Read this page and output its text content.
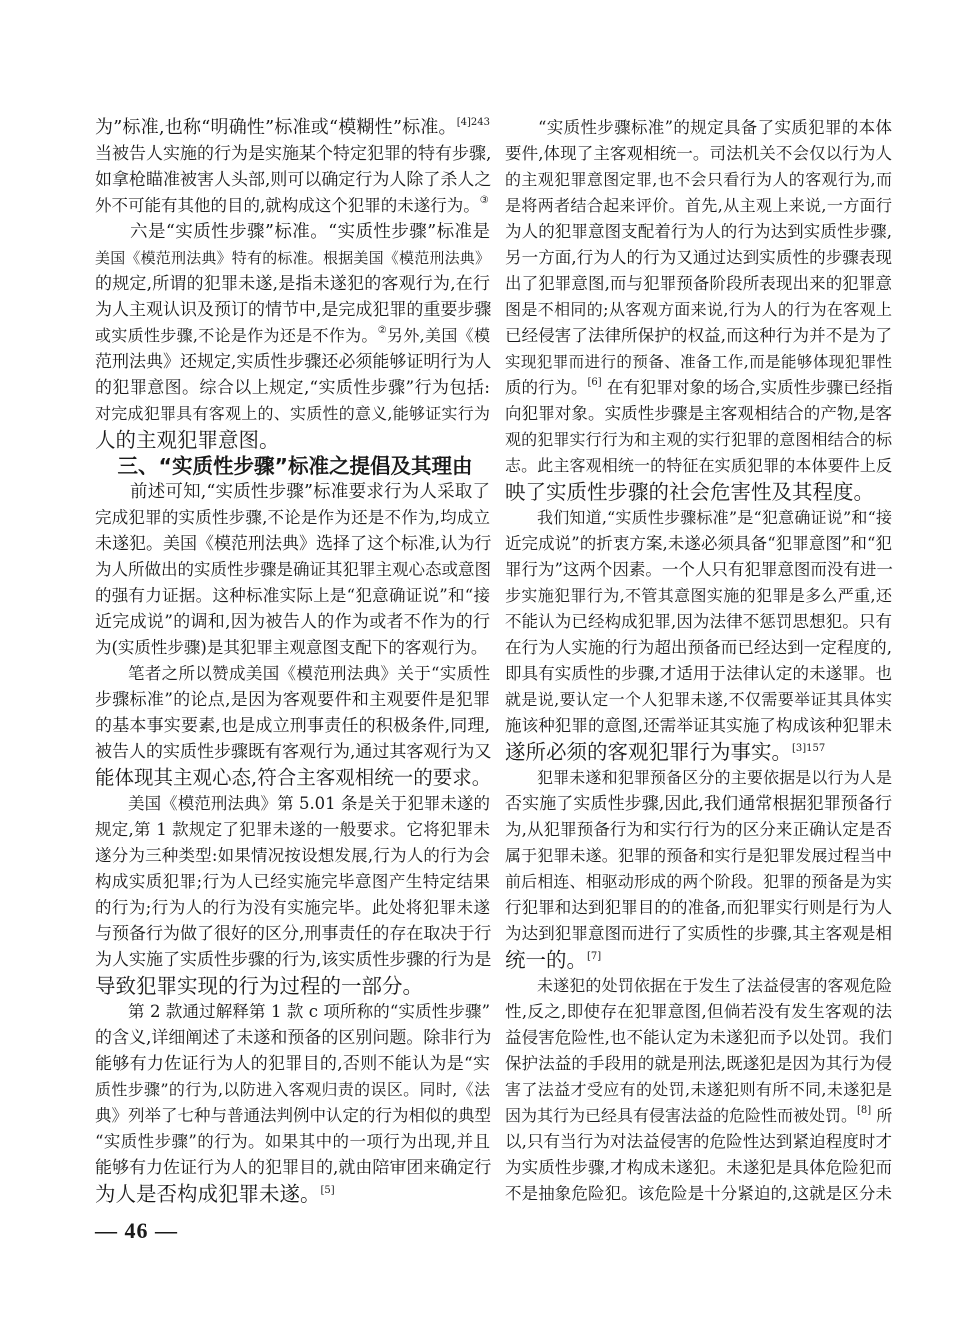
为”标准,也称“明确性”标准或“模糊性”标准。$^{[4]243}$
当被告人实施的行为是实施某个特定犯罪的特有步骤,
如拿枪瞄准被害人头部,则可以确定行为人除了杀人之
外不可能有其他的目的,就构成这个犯罪的未遂行为。③
六是“实质性步骤”标准。“实质性步骤”标准是
美国《模范刑法典》特有的标准。根据美国《模范刑法典》
的规定,所谓的犯罪未遂,是指未遂犯的客观行为,在行
为人主观认识及预订的情节中,是完成犯罪的重要步骤
或实质性步骤,不论是作为还是不作为。②另外,美国《模
范刑法典》还规定,实质性步骤还必须能够证明行为人
的犯罪意图。综合以上规定,“实质性步骤”行为包括:
对完成犯罪具有客观上的、实质性的意义,能够证实行为
人的主观犯罪意图。
三、“实质性步骤”标准之提倡及其理由
前述可知,“实质性步骤”标准要求行为人采取了
完成犯罪的实质性步骤,不论是作为还是不作为,均成立
未遂犯。美国《模范刑法典》选择了这个标准,认为行
为人所做出的实质性步骤是确证其犯罪主观心态或意图
的强有力证据。这种标准实际上是“犯意确证说”和“接
近完成说”的调和,因为被告人的作为或者不作为的行
为(实质性步骤)是其犯罪主观意图支配下的客观行为。
笔者之所以赞成美国《模范刑法典》关于“实质性
步骤标准”的论点,是因为客观要件和主观要件是犯罪
的基本事实要素,也是成立刑事责任的积极条件,同理,
被告人的实质性步骤既有客观行为,通过其客观行为又
能体现其主观心态,符合主客观相统一的要求。
美国《模范刑法典》第 5.01 条是关于犯罪未遂的
规定,第 1 款规定了犯罪未遂的一般要求。它将犯罪未
遂分为三种类型:如果情况按设想发展,行为人的行为会
构成实质犯罪;行为人已经实施完毕意图产生特定结果
的行为;行为人的行为没有实施完毕。此处将犯罪未遂
与预备行为做了很好的区分,刑事责任的存在取决于行
为人实施了实质性步骤的行为,该实质性步骤的行为是
导致犯罪实现的行为过程的一部分。
第 2 款通过解释第 1 款 c 项所称的“实质性步骤”
的含义,详细阐述了未遂和预备的区别问题。除非行为
能够有力佐证行为人的犯罪目的,否则不能认为是“实
质性步骤”的行为,以防进入客观归责的误区。同时,《法
典》列举了七种与普通法判例中认定的行为相似的典型
“实质性步骤”的行为。如果其中的一项行为出现,并且
能够有力佐证行为人的犯罪目的,就由陪审团来确定行
为人是否构成犯罪未遂。[5]
“实质性步骤标准”的规定具备了实质犯罪的本体
要件,体现了主客观相统一。司法机关不会仅以行为人
的主观犯罪意图定罪,也不会只看行为人的客观行为,而
是将两者结合起来评价。首先,从主观上来说,一方面行
为人的犯罪意图支配着行为人的行为达到实质性步骤,
另一方面,行为人的行为又通过达到实质性的步骤表现
出了犯罪意图,而与犯罪预备阶段所表现出来的犯罪意
图是不相同的;从客观方面来说,行为人的行为在客观上
已经侵害了法律所保护的权益,而这种行为并不是为了
实现犯罪而进行的预备、准备工作,而是能够体现犯罪性
质的行为。[6] 在有犯罪对象的场合,实质性步骤已经指
向犯罪对象。实质性步骤是主客观相结合的产物,是客
观的犯罪实行行为和主观的实行犯罪的意图相结合的标
志。此主客观相统一的特征在实质犯罪的本体要件上反
映了实质性步骤的社会危害性及其程度。
我们知道,“实质性步骤标准”是“犯意确证说”和“接
近完成说”的折衷方案,未遂必须具备“犯罪意图”和“犯
罪行为”这两个因素。一个人只有犯罪意图而没有进一
步实施犯罪行为,不管其意图实施的犯罪是多么严重,还
不能认为已经构成犯罪,因为法律不惩罚思想犯。只有
在行为人实施的行为超出预备而已经达到一定程度的,
即具有实质性的步骤,才适用于法律认定的未遂罪。也
就是说,要认定一个人犯罪未遂,不仅需要举证其具体实
施该种犯罪的意图,还需举证其实施了构成该种犯罪未
遂所必须的客观犯罪行为事实。$^{[3]157}$
犯罪未遂和犯罪预备区分的主要依据是以行为人是
否实施了实质性步骤,因此,我们通常根据犯罪预备行
为,从犯罪预备行为和实行行为的区分来正确认定是否
属于犯罪未遂。犯罪的预备和实行是犯罪发展过程当中
前后相连、相驱动形成的两个阶段。犯罪的预备是为实
行犯罪和达到犯罪目的的准备,而犯罪实行则是行为人
为达到犯罪意图而进行了实质性的步骤,其主客观是相
统一的。[7]
未遂犯的处罚依据在于发生了法益侵害的客观危险
性,反之,即使存在犯罪意图,但倘若没有发生客观的法
益侵害危险性,也不能认定为未遂犯而予以处罚。我们
保护法益的手段用的就是刑法,既遂犯是因为其行为侵
害了法益才受应有的处罚,未遂犯则有所不同,未遂犯是
因为其行为已经具有侵害法益的危险性而被处罚。[8] 所
以,只有当行为对法益侵害的危险性达到紧迫程度时才
为实质性步骤,才构成未遂犯。未遂犯是具体危险犯而
不是抽象危险犯。该危险是十分紧迫的,这就是区分未
— 46 —
